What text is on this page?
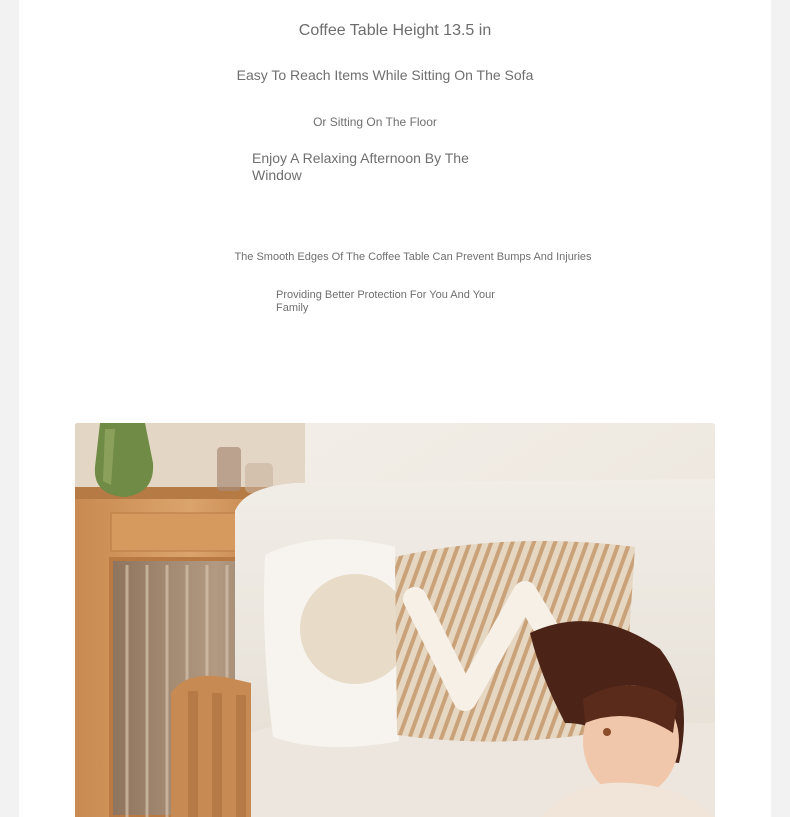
Coffee Table Height 13.5 in
Easy To Reach Items While Sitting On The Sofa
Or Sitting On The Floor
Enjoy A Relaxing Afternoon By The Window
The Smooth Edges Of The Coffee Table Can Prevent Bumps And Injuries
Providing Better Protection For You And Your Family
